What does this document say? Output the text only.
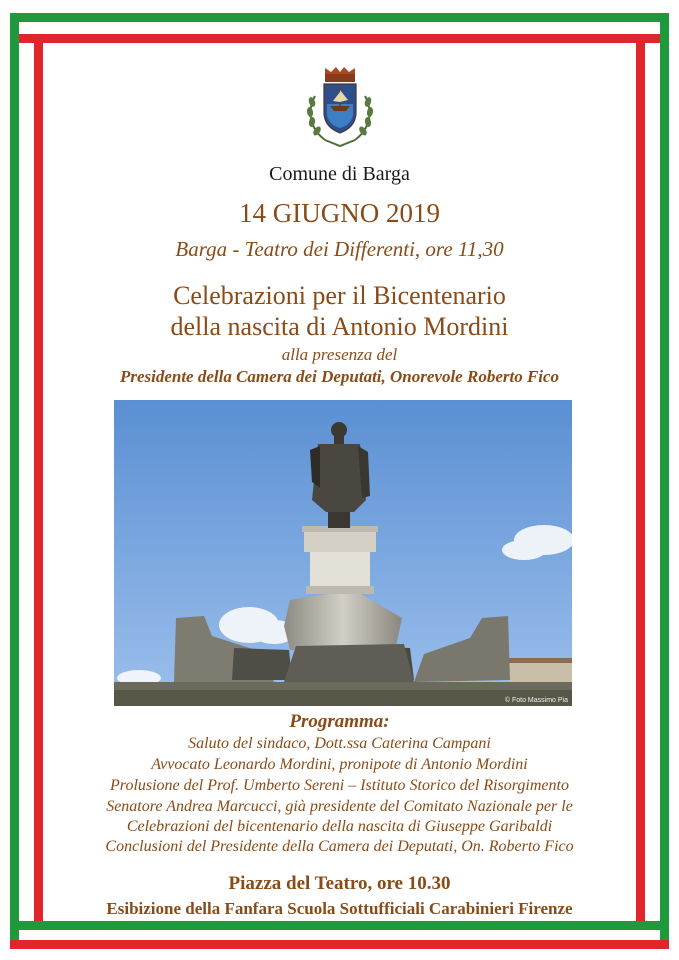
Comune di Barga
14 GIUGNO 2019
Barga - Teatro dei Differenti, ore 11,30
Celebrazioni per il Bicentenario
della nascita di Antonio Mordini
alla presenza del
Presidente della Camera dei Deputati, Onorevole Roberto Fico
© Foto Massimo Pia
Programma:
Saluto del sindaco, Dott.ssa Caterina Campani
Avvocato Leonardo Mordini, pronipote di Antonio Mordini
Prolusione del Prof. Umberto Sereni – Istituto Storico del Risorgimento
Senatore Andrea Marcucci, già presidente del Comitato Nazionale per le
Celebrazioni del bicentenario della nascita di Giuseppe Garibaldi
Conclusioni del Presidente della Camera dei Deputati, On. Roberto Fico
Piazza del Teatro, ore 10.30
Esibizione della Fanfara Scuola Sottufficiali Carabinieri Firenze
